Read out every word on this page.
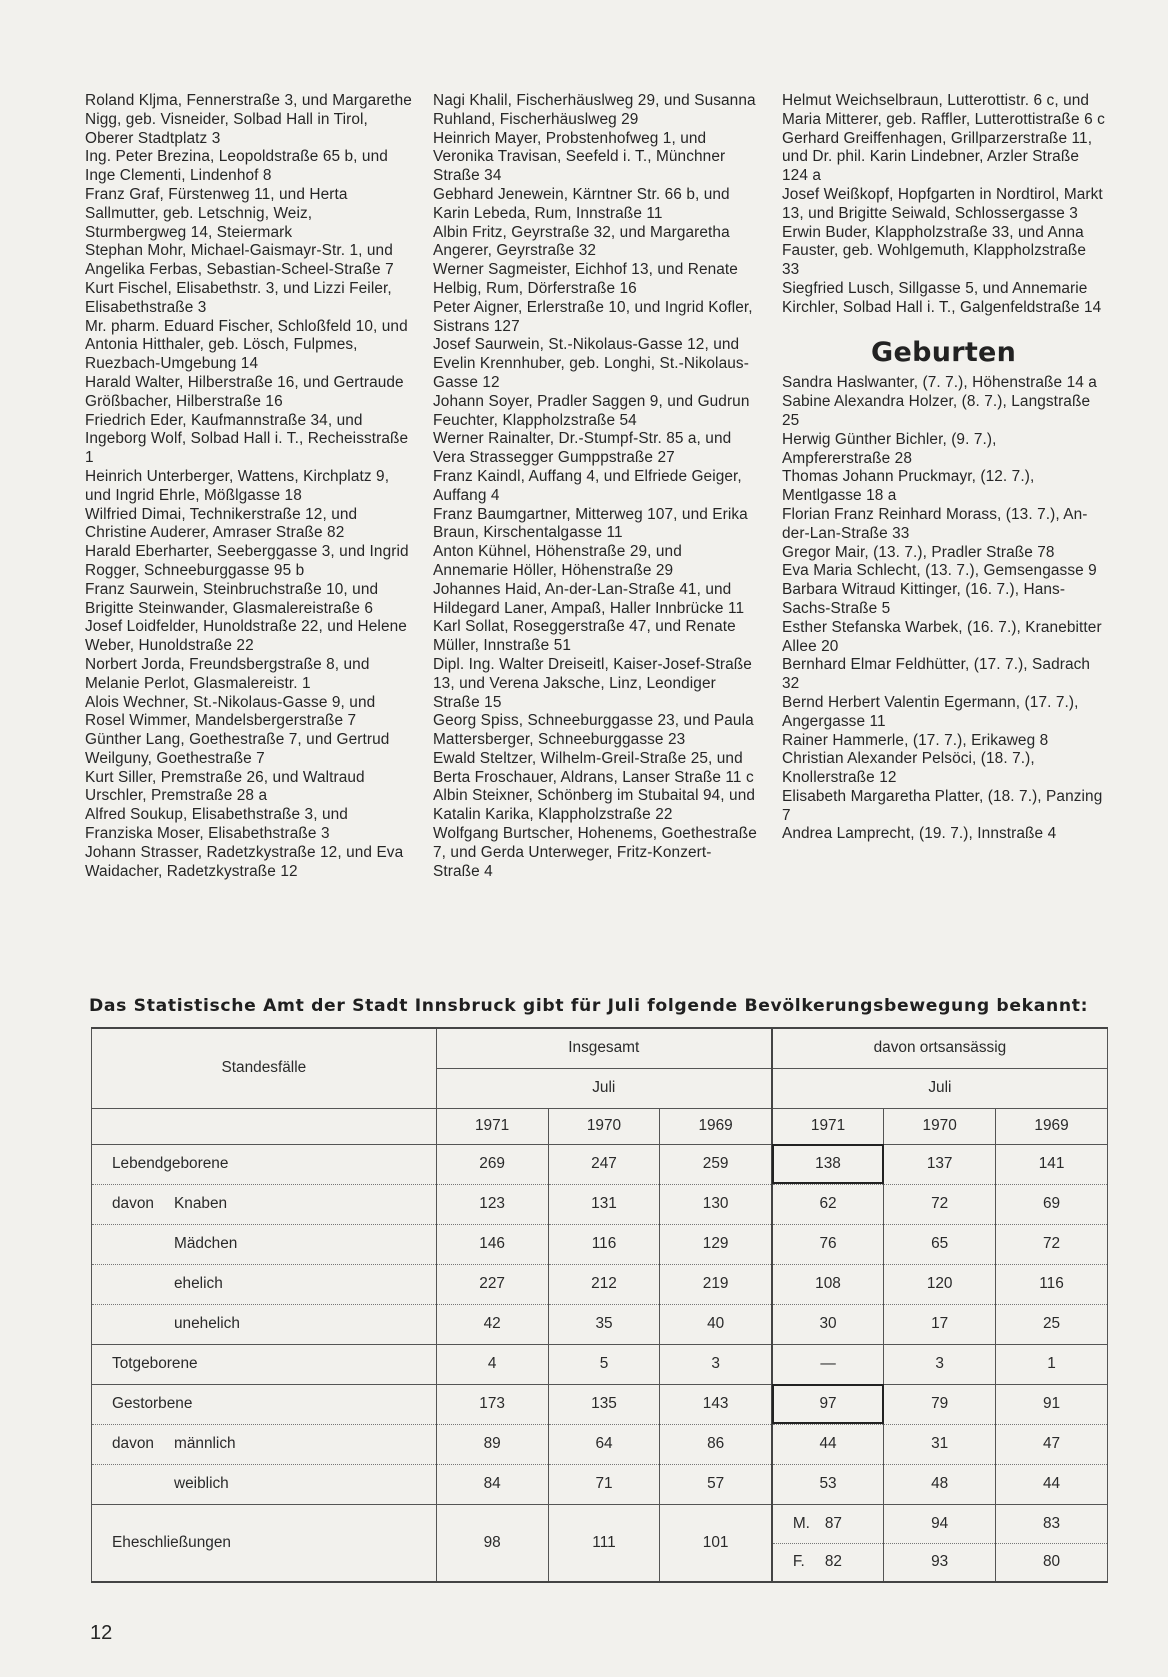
Roland Kljma, Fennerstraße 3, und Margarethe Nigg, geb. Visneider, Solbad Hall in Tirol, Oberer Stadtplatz 3

Ing. Peter Brezina, Leopoldstraße 65 b, und Inge Clementi, Lindenhof 8

Franz Graf, Fürstenweg 11, und Herta Sallmutter, geb. Letschnig, Weiz, Sturmbergweg 14, Steiermark

Stephan Mohr, Michael-Gaismayr-Str. 1, und Angelika Ferbas, Sebastian-Scheel-Straße 7

Kurt Fischel, Elisabethstr. 3, und Lizzi Feiler, Elisabethstraße 3

Mr. pharm. Eduard Fischer, Schloßfeld 10, und Antonia Hitthaler, geb. Lösch, Fulpmes, Ruezbach-Umgebung 14

Harald Walter, Hilberstraße 16, und Gertraude Größbacher, Hilberstraße 16

Friedrich Eder, Kaufmannstraße 34, und Ingeborg Wolf, Solbad Hall i. T., Recheisstraße 1

Heinrich Unterberger, Wattens, Kirchplatz 9, und Ingrid Ehrle, Mößlgasse 18

Wilfried Dimai, Technikerstraße 12, und Christine Auderer, Amraser Straße 82

Harald Eberharter, Seeberggasse 3, und Ingrid Rogger, Schneeburggasse 95 b

Franz Saurwein, Steinbruchstraße 10, und Brigitte Steinwander, Glasmalereistraße 6

Josef Loidfelder, Hunoldstraße 22, und Helene Weber, Hunoldstraße 22

Norbert Jorda, Freundsbergstraße 8, und Melanie Perlot, Glasmalereistr. 1

Alois Wechner, St.-Nikolaus-Gasse 9, und Rosel Wimmer, Mandelsbergerstraße 7

Günther Lang, Goethestraße 7, und Gertrud Weilguny, Goethestraße 7

Kurt Siller, Premstraße 26, und Waltraud Urschler, Premstraße 28 a

Alfred Soukup, Elisabethstraße 3, und Franziska Moser, Elisabethstraße 3

Johann Strasser, Radetzkystraße 12, und Eva Waidacher, Radetzkystraße 12

Nagi Khalil, Fischerhäuslweg 29, und Susanna Ruhland, Fischerhäuslweg 29

Heinrich Mayer, Probstenhofweg 1, und Veronika Travisan, Seefeld i. T., Münchner Straße 34

Gebhard Jenewein, Kärntner Str. 66 b, und Karin Lebeda, Rum, Innstraße 11

Albin Fritz, Geyrstraße 32, und Margaretha Angerer, Geyrstraße 32

Werner Sagmeister, Eichhof 13, und Renate Helbig, Rum, Dörferstraße 16

Peter Aigner, Erlerstraße 10, und Ingrid Kofler, Sistrans 127

Josef Saurwein, St.-Nikolaus-Gasse 12, und Evelin Krennhuber, geb. Longhi, St.-Nikolaus-Gasse 12

Johann Soyer, Pradler Saggen 9, und Gudrun Feuchter, Klappholzstraße 54

Werner Rainalter, Dr.-Stumpf-Str. 85 a, und Vera Strassegger Gumppstraße 27

Franz Kaindl, Auffang 4, und Elfriede Geiger, Auffang 4

Franz Baumgartner, Mitterweg 107, und Erika Braun, Kirschentalgasse 11

Anton Kühnel, Höhenstraße 29, und Annemarie Höller, Höhenstraße 29

Johannes Haid, An-der-Lan-Straße 41, und Hildegard Laner, Ampaß, Haller Innbrücke 11

Karl Sollat, Roseggerstraße 47, und Renate Müller, Innstraße 51

Dipl. Ing. Walter Dreiseitl, Kaiser-Josef-Straße 13, und Verena Jaksche, Linz, Leondiger Straße 15

Georg Spiss, Schneeburggasse 23, und Paula Mattersberger, Schneeburggasse 23

Ewald Steltzer, Wilhelm-Greil-Straße 25, und Berta Froschauer, Aldrans, Lanser Straße 11 c

Albin Steixner, Schönberg im Stubaital 94, und Katalin Karika, Klappholzstraße 22

Wolfgang Burtscher, Hohenems, Goethestraße 7, und Gerda Unterweger, Fritz-Konzert-Straße 4

Helmut Weichselbraun, Lutterottistr. 6 c, und Maria Mitterer, geb. Raffler, Lutterottistraße 6 c

Gerhard Greiffenhagen, Grillparzerstraße 11, und Dr. phil. Karin Lindebner, Arzler Straße 124 a

Josef Weißkopf, Hopfgarten in Nordtirol, Markt 13, und Brigitte Seiwald, Schlossergasse 3

Erwin Buder, Klappholzstraße 33, und Anna Fauster, geb. Wohlgemuth, Klappholzstraße 33

Siegfried Lusch, Sillgasse 5, und Annemarie Kirchler, Solbad Hall i. T., Galgenfeldstraße 14

Geburten

Sandra Haslwanter, (7. 7.), Höhenstraße 14 a

Sabine Alexandra Holzer, (8. 7.), Langstraße 25

Herwig Günther Bichler, (9. 7.), Ampfererstraße 28

Thomas Johann Pruckmayr, (12. 7.), Mentlgasse 18 a

Florian Franz Reinhard Morass, (13. 7.), An-der-Lan-Straße 33

Gregor Mair, (13. 7.), Pradler Straße 78

Eva Maria Schlecht, (13. 7.), Gemsengasse 9

Barbara Witraud Kittinger, (16. 7.), Hans-Sachs-Straße 5

Esther Stefanska Warbek, (16. 7.), Kranebitter Allee 20

Bernhard Elmar Feldhütter, (17. 7.), Sadrach 32

Bernd Herbert Valentin Egermann, (17. 7.), Angergasse 11

Rainer Hammerle, (17. 7.), Erikaweg 8

Christian Alexander Pelsöci, (18. 7.), Knollerstraße 12

Elisabeth Margaretha Platter, (18. 7.), Panzing 7

Andrea Lamprecht, (19. 7.), Innstraße 4

Das Statistische Amt der Stadt Innsbruck gibt für Juli folgende Bevölkerungsbewegung bekannt:
Standesfälle	Insgesamt			davon ortsansässig		
	Juli			Juli		
	1971	1970	1969	1971	1970	1969
Lebendgeborene	269	247	259	138	137	141
davon Knaben	123	131	130	62	72	69
Mädchen	146	116	129	76	65	72
ehelich	227	212	219	108	120	116
unehelich	42	35	40	30	17	25
Totgeborene	4	5	3	—	3	1
Gestorbene	173	135	143	97	79	91
davon männlich	89	64	86	44	31	47
weiblich	84	71	57	53	48	44
Eheschließungen	98	111	101	M. 87	94	83
				F. 82	93	80
12
